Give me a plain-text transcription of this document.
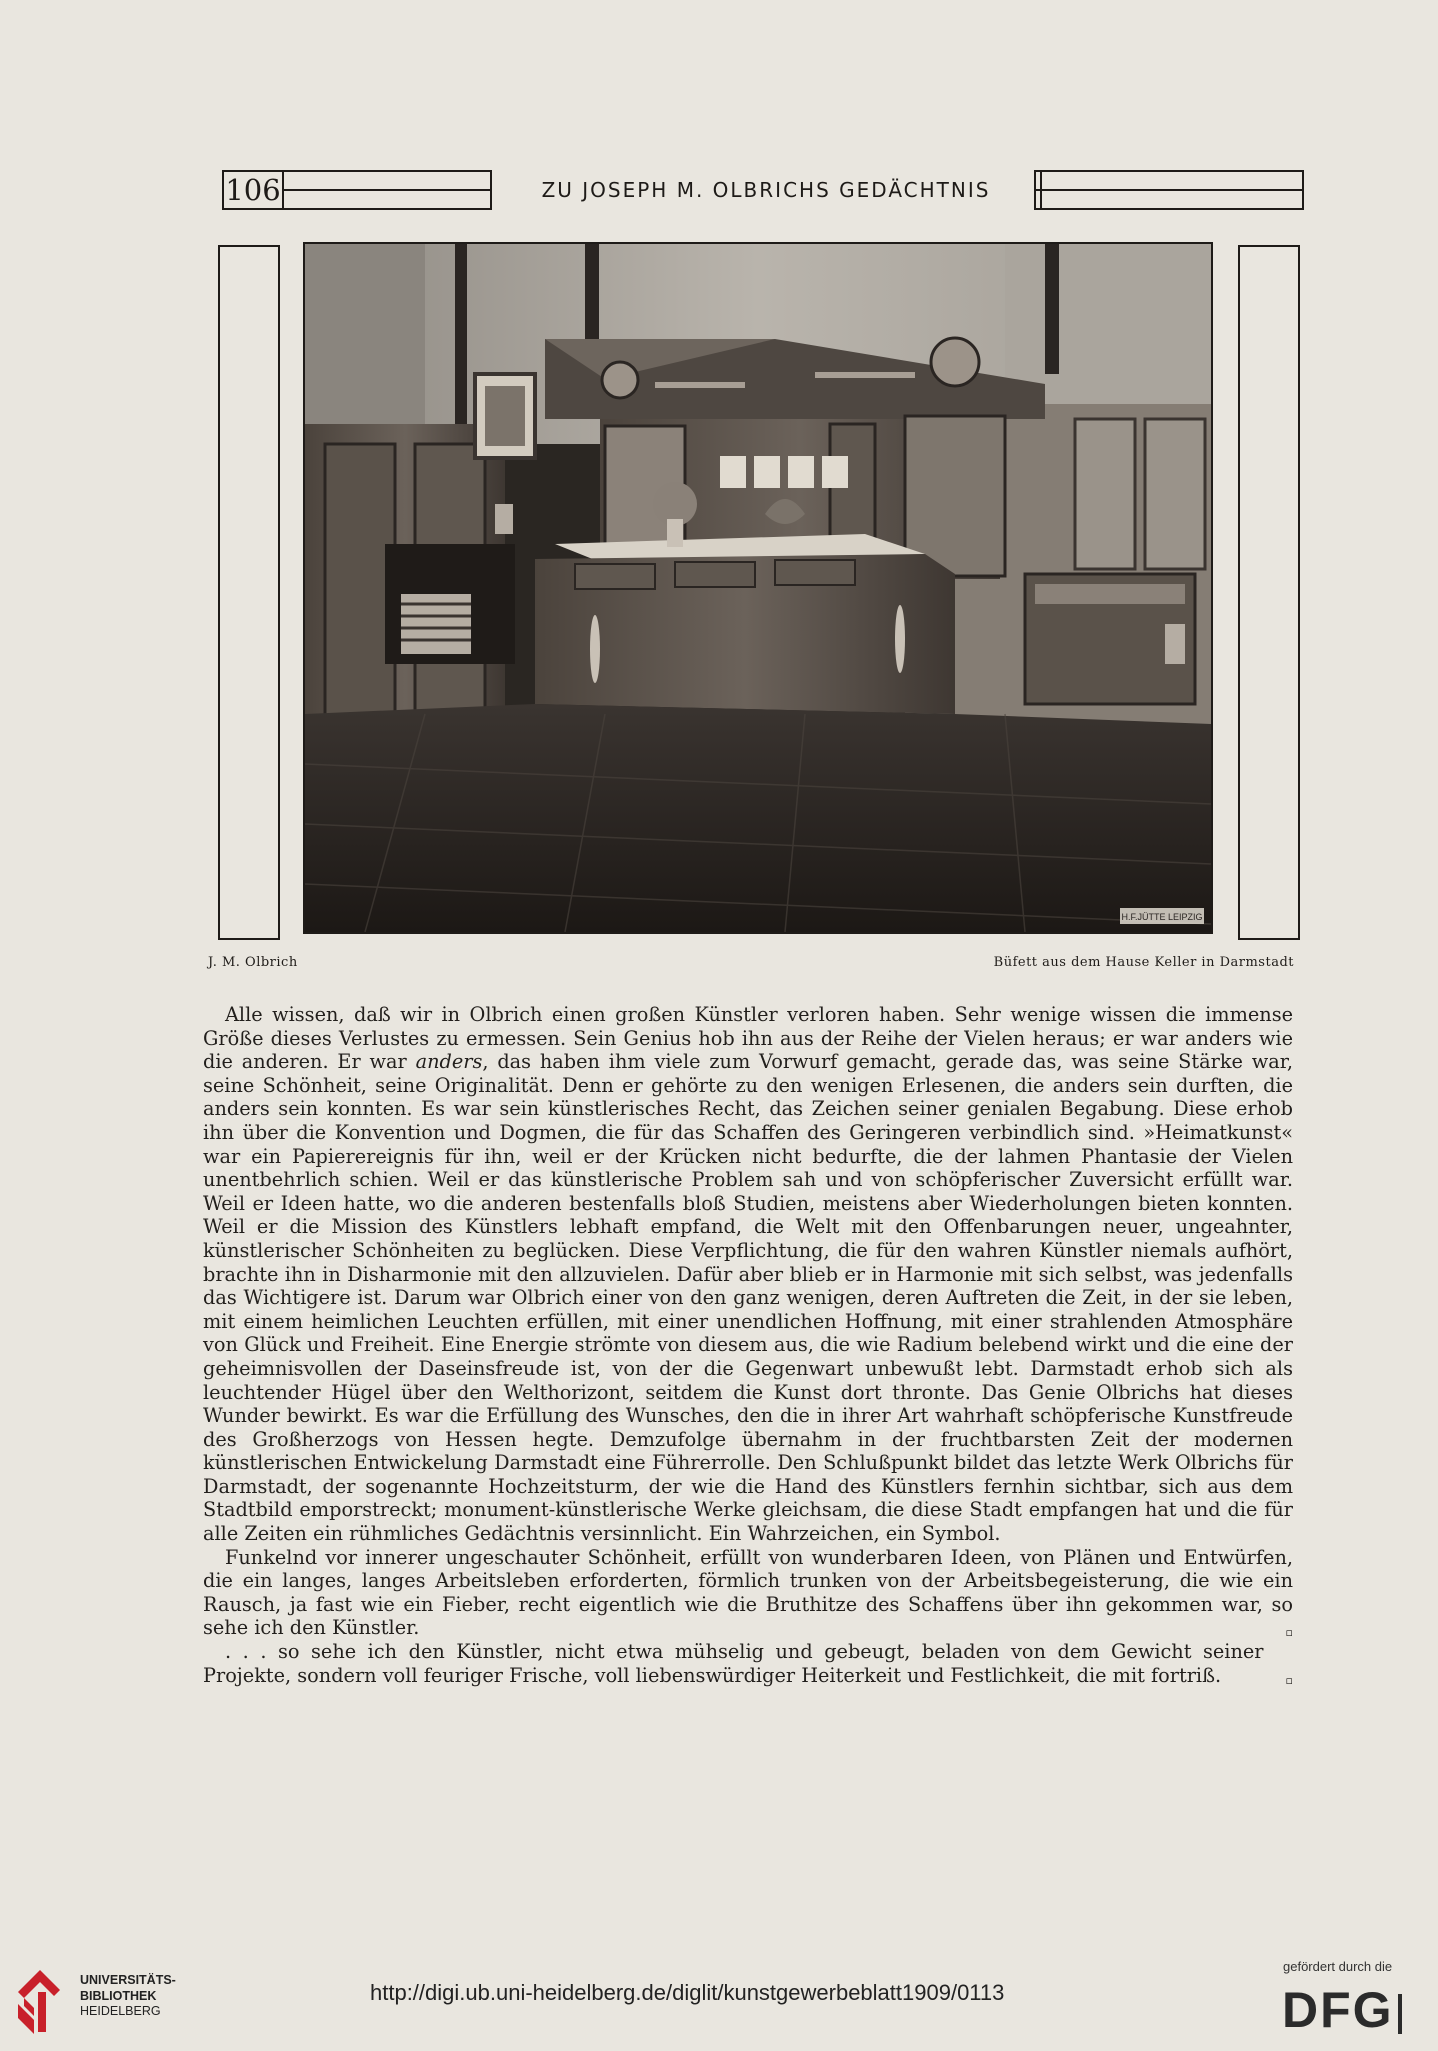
106	ZU JOSEPH M. OLBRICHS GEDÄCHTNIS
H.F.JÜTTE LEIPZIG
J. M. Olbrich	Büfett aus dem Hause Keller in Darmstadt

Alle wissen, daß wir in Olbrich einen großen Künstler verloren haben. Sehr wenige wissen die immense Größe dieses Verlustes zu ermessen. Sein Genius hob ihn aus der Reihe der Vielen heraus; er war anders wie die anderen. Er war anders, das haben ihm viele zum Vorwurf gemacht, gerade das, was seine Stärke war, seine Schönheit, seine Originalität. Denn er gehörte zu den wenigen Erlesenen, die anders sein durften, die anders sein konnten. Es war sein künstlerisches Recht, das Zeichen seiner genialen Begabung. Diese erhob ihn über die Konvention und Dogmen, die für das Schaffen des Geringeren verbindlich sind. »Heimatkunst« war ein Papierereignis für ihn, weil er der Krücken nicht bedurfte, die der lahmen Phantasie der Vielen unentbehrlich schien. Weil er das künstlerische Problem sah und von schöpferischer Zuversicht erfüllt war. Weil er Ideen hatte, wo die anderen bestenfalls bloß Studien, meistens aber Wiederholungen bieten konnten. Weil er die Mission des Künstlers lebhaft empfand, die Welt mit den Offenbarungen neuer, ungeahnter, künstlerischer Schönheiten zu beglücken. Diese Verpflichtung, die für den wahren Künstler niemals aufhört, brachte ihn in Disharmonie mit den allzuvielen. Dafür aber blieb er in Harmonie mit sich selbst, was jedenfalls das Wichtigere ist. Darum war Olbrich einer von den ganz wenigen, deren Auftreten die Zeit, in der sie leben, mit einem heimlichen Leuchten erfüllen, mit einer unendlichen Hoffnung, mit einer strahlenden Atmosphäre von Glück und Freiheit. Eine Energie strömte von diesem aus, die wie Radium belebend wirkt und die eine der geheimnisvollen der Daseinsfreude ist, von der die Gegenwart unbewußt lebt. Darmstadt erhob sich als leuchtender Hügel über den Welthorizont, seitdem die Kunst dort thronte. Das Genie Olbrichs hat dieses Wunder bewirkt. Es war die Erfüllung des Wunsches, den die in ihrer Art wahrhaft schöpferische Kunstfreude des Großherzogs von Hessen hegte. Demzufolge übernahm in der fruchtbarsten Zeit der modernen künstlerischen Entwickelung Darmstadt eine Führerrolle. Den Schlußpunkt bildet das letzte Werk Olbrichs für Darmstadt, der sogenannte Hochzeitsturm, der wie die Hand des Künstlers fernhin sichtbar, sich aus dem Stadtbild emporstreckt; monument-künstlerische Werke gleichsam, die diese Stadt empfangen hat und die für alle Zeiten ein rühmliches Gedächtnis versinnlicht. Ein Wahrzeichen, ein Symbol.

Funkelnd vor innerer ungeschauter Schönheit, erfüllt von wunderbaren Ideen, von Plänen und Entwürfen, die ein langes, langes Arbeitsleben erforderten, förmlich trunken von der Arbeitsbegeisterung, die wie ein Rausch, ja fast wie ein Fieber, recht eigentlich wie die Bruthitze des Schaffens über ihn gekommen war, so sehe ich den Künstler.	▫

. . . so sehe ich den Künstler, nicht etwa mühselig und gebeugt, beladen von dem Gewicht seiner Projekte, sondern voll feuriger Frische, voll liebenswürdiger Heiterkeit und Festlichkeit, die mit fortriß.	▫

UNIVERSITÄTS-
BIBLIOTHEK
HEIDELBERG
http://digi.ub.uni-heidelberg.de/diglit/kunstgewerbeblatt1909/0113
gefördert durch die
DFG
